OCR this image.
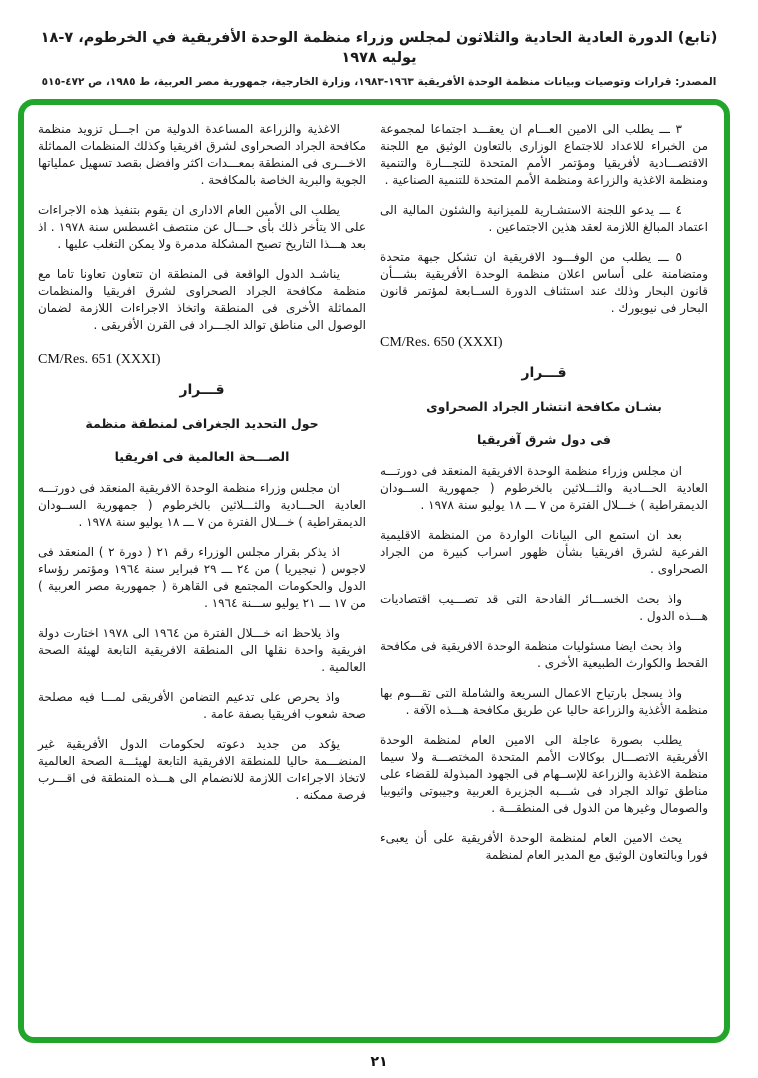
(تابع) الدورة العادية الحادية والثلاثون لمجلس وزراء منظمة الوحدة الأفريقية في الخرطوم، ٧-١٨ يوليه ١٩٧٨
المصدر: قرارات وتوصيات وبيانات منظمة الوحدة الأفريقية ١٩٦٣-١٩٨٣، وزارة الخارجية، جمهورية مصر العربية، ط ١٩٨٥، ص ٤٧٢-٥١٥

٣ ـــ يطلب الى الامين العـــام ان يعقـــد اجتماعا لمجموعة من الخبراء للاعداد للاجتماع الوزارى بالتعاون الوثيق مع اللجنة الاقتصـــادية لأفريقيا ومؤتمر الأمم المتحدة للتجـــارة والتنمية ومنظمة الاغذية والزراعة ومنظمة الأمم المتحدة للتنمية الصناعية .

٤ ـــ يدعو اللجنة الاستشـارية للميزانية والشئون المالية الى اعتماد المبالغ اللازمة لعقد هذين الاجتماعين .

٥ ـــ يطلب من الوفـــود الافريقية ان تشكل جبهة متحدة ومتضامنة على أساس اعلان منظمة الوحدة الأفريقية بشـــأن قانون البحار وذلك عند استئناف الدورة الســابعة لمؤتمر قانون البحار فى نيويورك .

CM/Res. 650 (XXXI)
قـــرار
بشـان مكافحة انتشار الجراد الصحراوى
فى دول شرق آفريقيا

ان مجلس وزراء منظمة الوحدة الافريقية المنعقد فى دورتـــه العادية الحـــادية والثـــلاثين بالخرطوم ( جمهورية الســودان الديمقراطية ) خـــلال الفترة من ٧ ـــ ١٨ يوليو سنة ١٩٧٨ .

بعد ان استمع الى البيانات الواردة من المنظمة الاقليمية الفرعية لشرق افريقيا بشأن ظهور اسراب كبيرة من الجراد الصحراوى .

واذ بحث الخســـائر الفادحة التى قد تصـــيب اقتصاديات هـــذه الدول .

واذ بحث ايضا مسئوليات منظمة الوحدة الافريقية فى مكافحة القحط والكوارث الطبيعية الأخرى .

واذ يسجل بارتياح الاعمال السريعة والشاملة التى تقـــوم بها منظمة الأغذية والزراعة حاليا عن طريق مكافحة هـــذه الآفة .

يطلب بصورة عاجلة الى الامين العام لمنظمة الوحدة الأفريقية الاتصـــال بوكالات الأمم المتحدة المختصـــة ولا سيما منظمة الاغذية والزراعة للإســهام فى الجهود المبذولة للقضاء على مناطق توالد الجراد فى شـــبه الجزيرة العربية وجيبوتى واثيوبيا والصومال وغيرها من الدول فى المنطقـــة .

يحث الامين العام لمنظمة الوحدة الأفريقية على أن يعبىء فورا وبالتعاون الوثيق مع المدير العام لمنظمة

الاغذية والزراعة المساعدة الدولية من اجـــل تزويد منظمة مكافحة الجراد الصحراوى لشرق افريقيا وكذلك المنظمات المماثلة الاخـــرى فى المنطقة بمعـــدات اكثر وافضل بقصد تسهيل عملياتها الجوية والبرية الخاصة بالمكافحة .

يطلب الى الأمين العام الادارى ان يقوم بتنفيذ هذه الاجراءات على الا يتأخر ذلك بأى حـــال عن منتصف اغسطس سنة ١٩٧٨ . اذ بعد هـــذا التاريخ تصبح المشكلة مدمرة ولا يمكن التغلب عليها .

يناشـد الدول الواقعة فى المنطقة ان تتعاون تعاونا تاما مع منظمة مكافحة الجراد الصحراوى لشرق افريقيا والمنظمات المماثلة الأخرى فى المنطقة واتخاذ الاجراءات اللازمة لضمان الوصول الى مناطق توالد الجـــراد فى القرن الأفريقى .

CM/Res. 651 (XXXI)
قـــرار
حول التحديد الجغرافى لمنطقة منظمة
الصـــحة العالمية فى افريقيا

ان مجلس وزراء منظمة الوحدة الافريقية المنعقد فى دورتـــه العادية الحـــادية والثـــلاثين بالخرطوم ( جمهورية الســودان الديمقراطية ) خـــلال الفترة من ٧ ـــ ١٨ يوليو سنة ١٩٧٨ .

اذ يذكر بقرار مجلس الوزراء رقم ٢١ ( دورة ٢ ) المنعقد فى لاجوس ( نيجيريا ) من ٢٤ ـــ ٢٩ فبراير سنة ١٩٦٤ ومؤتمر رؤساء الدول والحكومات المجتمع فى القاهرة ( جمهورية مصر العربية ) من ١٧ ـــ ٢١ يوليو ســـنة ١٩٦٤ .

واذ يلاحظ انه خـــلال الفترة من ١٩٦٤ الى ١٩٧٨ اختارت دولة افريقية واحدة نقلها الى المنطقة الافريقية التابعة لهيئة الصحة العالمية .

واذ يحرص على تدعيم التضامن الأفريقى لمـــا فيه مصلحة صحة شعوب افريقيا بصفة عامة .

يؤكد من جديد دعوته لحكومات الدول الأفريقية غير المنضـــمة حاليا للمنطقة الافريقية التابعة لهيئـــة الصحة العالمية لاتخاذ الاجراءات اللازمة للانضمام الى هـــذه المنطقة فى اقـــرب فرصة ممكنه .

٢١
